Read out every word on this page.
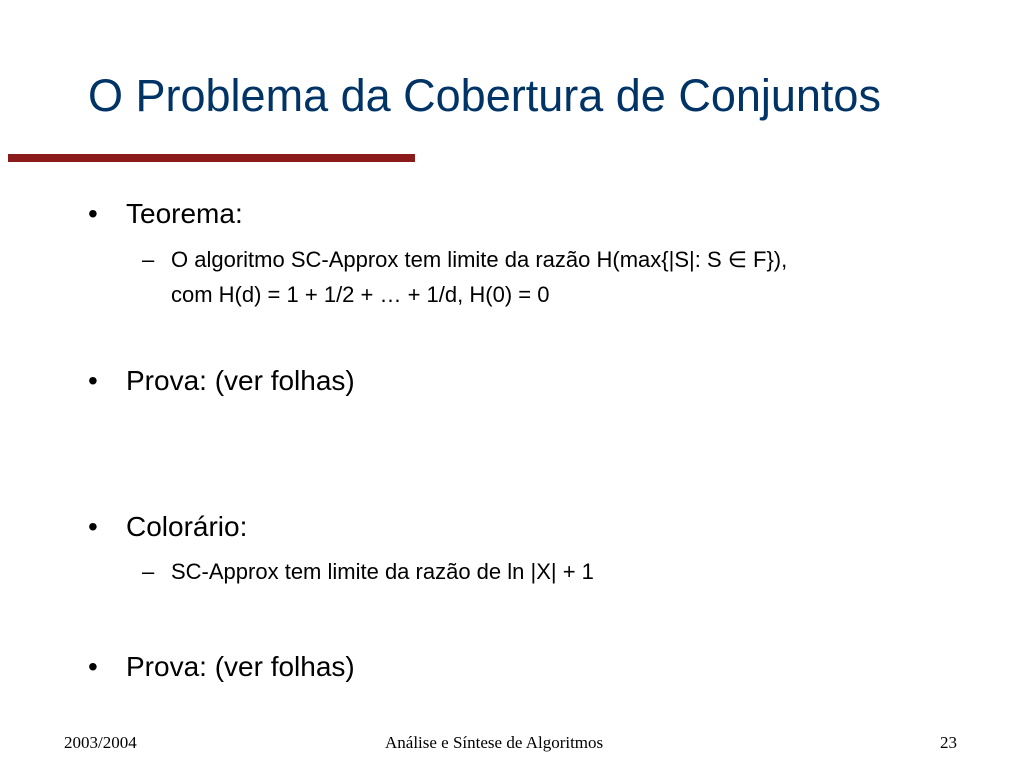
O Problema da Cobertura de Conjuntos
• Teorema:
– O algoritmo SC-Approx tem limite da razão H(max{|S|: S ∈ F}),
com H(d) = 1 + 1/2 + … + 1/d, H(0) = 0
• Prova: (ver folhas)
• Colorário:
– SC-Approx tem limite da razão de ln |X| + 1
• Prova: (ver folhas)
2003/2004	Análise e Síntese de Algoritmos	23
